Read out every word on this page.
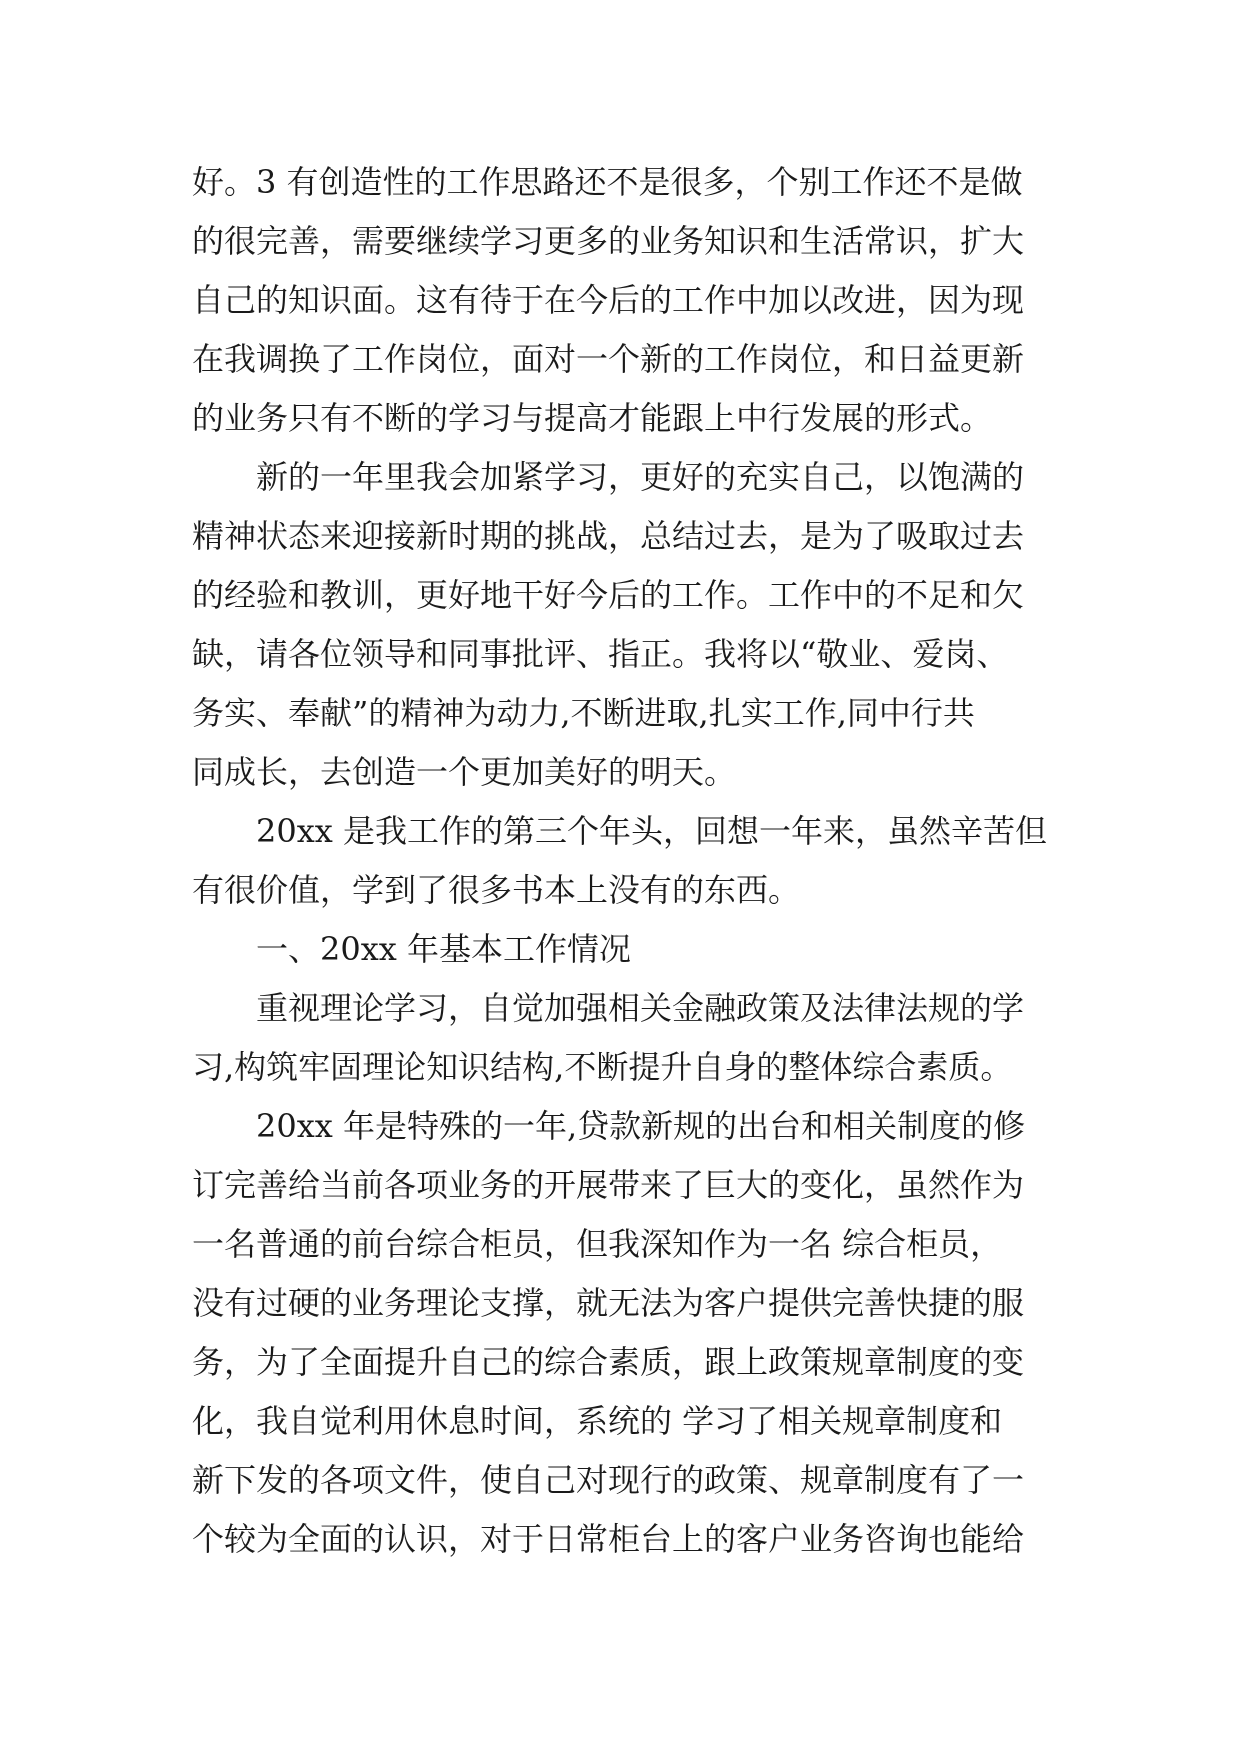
好。3 有创造性的工作思路还不是很多，个别工作还不是做
的很完善，需要继续学习更多的业务知识和生活常识，扩大
自己的知识面。这有待于在今后的工作中加以改进，因为现
在我调换了工作岗位，面对一个新的工作岗位，和日益更新
的业务只有不断的学习与提高才能跟上中行发展的形式。
新的一年里我会加紧学习，更好的充实自己，以饱满的
精神状态来迎接新时期的挑战，总结过去，是为了吸取过去
的经验和教训，更好地干好今后的工作。工作中的不足和欠
缺，请各位领导和同事批评、指正。我将以“敬业、爱岗、
务实、奉献”的精神为动力,不断进取,扎实工作,同中行共
同成长，去创造一个更加美好的明天。
20xx 是我工作的第三个年头，回想一年来，虽然辛苦但
有很价值，学到了很多书本上没有的东西。
一、20xx 年基本工作情况
重视理论学习，自觉加强相关金融政策及法律法规的学
习,构筑牢固理论知识结构,不断提升自身的整体综合素质。
20xx 年是特殊的一年,贷款新规的出台和相关制度的修
订完善给当前各项业务的开展带来了巨大的变化，虽然作为
一名普通的前台综合柜员，但我深知作为一名 综合柜员，
没有过硬的业务理论支撑，就无法为客户提供完善快捷的服
务，为了全面提升自己的综合素质，跟上政策规章制度的变
化，我自觉利用休息时间，系统的 学习了相关规章制度和
新下发的各项文件，使自己对现行的政策、规章制度有了一
个较为全面的认识，对于日常柜台上的客户业务咨询也能给
